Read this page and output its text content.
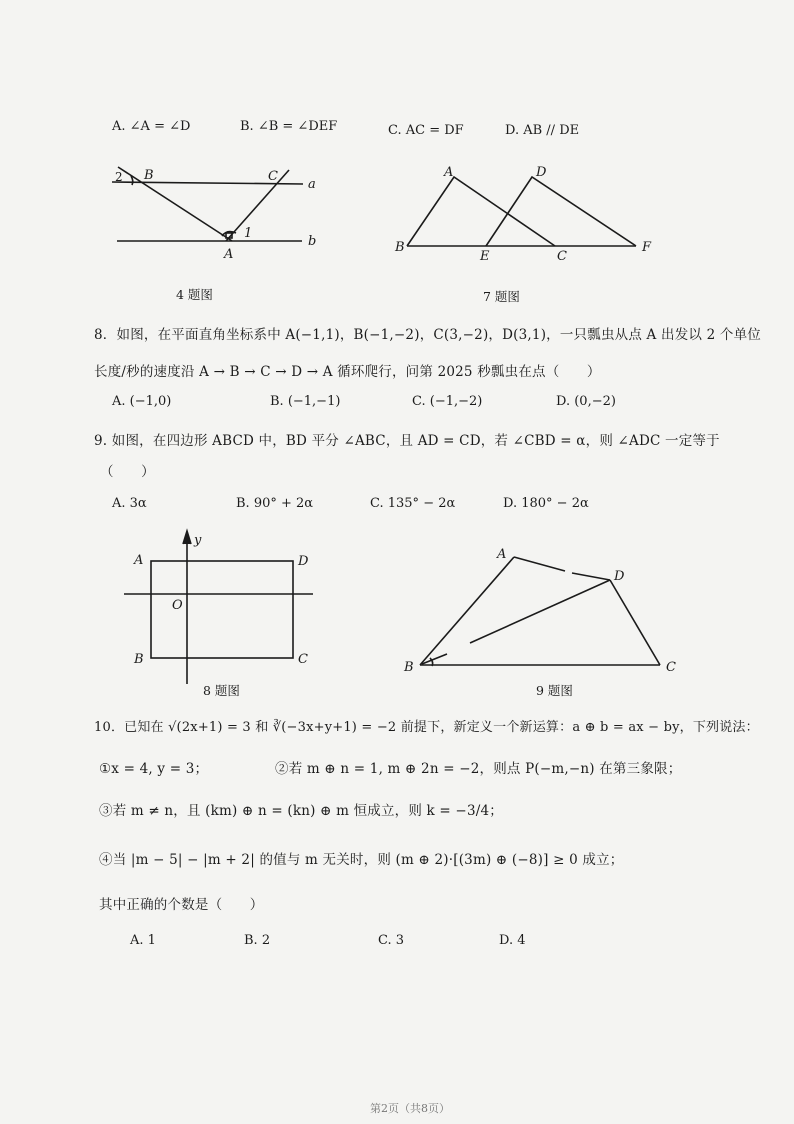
A. ∠A = ∠D	B. ∠B = ∠DEF	C. AC = DF	D. AB // DE
2 B	C
a
b
1
A
4 题图
A	D
B
E	C
F
7 题图
8．如图，在平面直角坐标系中 A(−1,1)，B(−1,−2)，C(3,−2)，D(3,1)，一只瓢虫从点 A 出发以 2 个单位
长度/秒的速度沿 A → B → C → D → A 循环爬行，问第 2025 秒瓢虫在点（　　）
A. (−1,0)	B. (−1,−1)	C. (−1,−2)	D. (0,−2)
9. 如图，在四边形 ABCD 中，BD 平分 ∠ABC，且 AD = CD，若 ∠CBD = α，则 ∠ADC 一定等于
（　　）
A. 3α	B. 90° + 2α	C. 135° − 2α	D. 180° − 2α
y
A	D
O
B	C
8 题图
A
D
B	C
9 题图
10．已知在 √(2x+1) = 3 和 ∛(−3x+y+1) = −2 前提下，新定义一个新运算：a ⊕ b = ax − by，下列说法：
①x = 4, y = 3；	②若 m ⊕ n = 1, m ⊕ 2n = −2，则点 P(−m,−n) 在第三象限；
③若 m ≠ n，且 (km) ⊕ n = (kn) ⊕ m 恒成立，则 k = −3/4；
④当 |m − 5| − |m + 2| 的值与 m 无关时，则 (m ⊕ 2)·[(3m) ⊕ (−8)] ≥ 0 成立；
其中正确的个数是（　　）
A. 1	B. 2	C. 3	D. 4
第2页（共8页）
